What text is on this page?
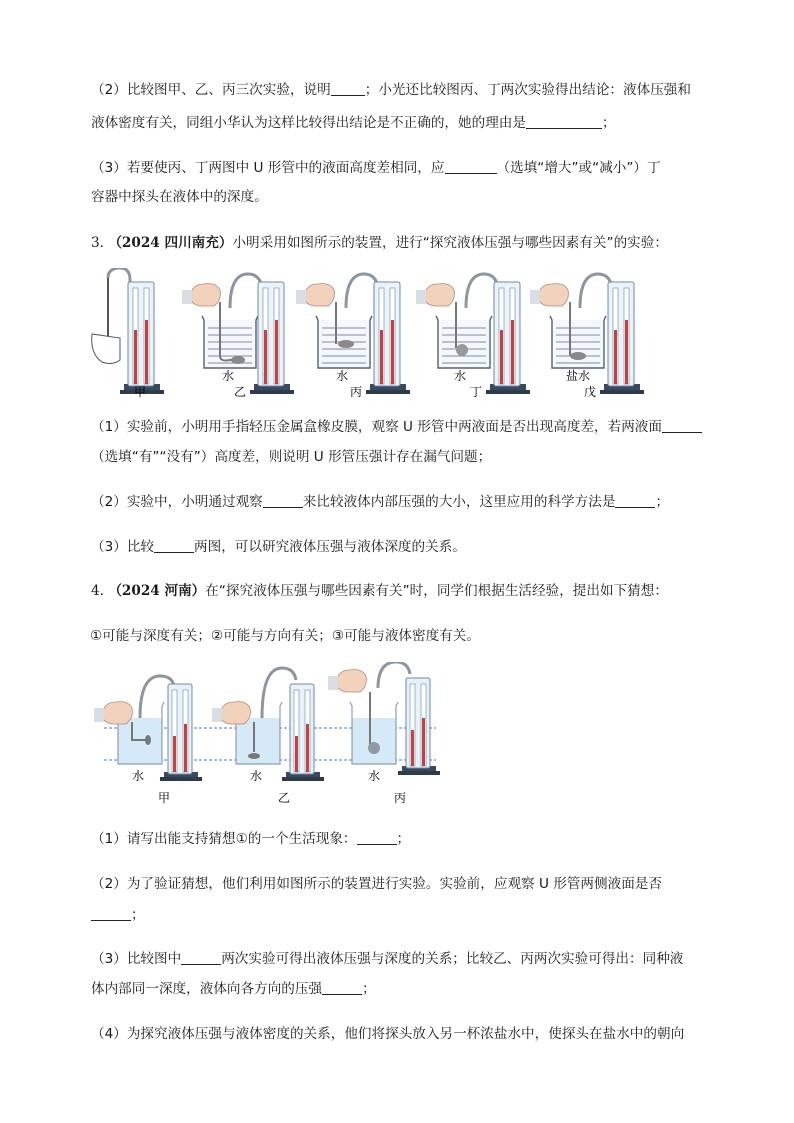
（2）比较图甲、乙、丙三次实验，说明	；小光还比较图丙、丁两次实验得出结论：液体压强和
液体密度有关，同组小华认为这样比较得出结论是不正确的，她的理由是	；
（3）若要使丙、丁两图中 U 形管中的液面高度差相同，应	（选填“增大”或“减小”）丁
容器中探头在液体中的深度。
3. （2024 四川南充）小明采用如图所示的装置，进行“探究液体压强与哪些因素有关”的实验：
水	水	水	盐水
甲	乙	丙	丁	戊
（1）实验前，小明用手指轻压金属盒橡皮膜，观察 U 形管中两液面是否出现高度差，若两液面
（选填“有”“没有”）高度差，则说明 U 形管压强计存在漏气问题；
（2）实验中，小明通过观察	来比较液体内部压强的大小，这里应用的科学方法是	；
（3）比较	两图，可以研究液体压强与液体深度的关系。
4. （2024 河南）在“探究液体压强与哪些因素有关”时，同学们根据生活经验，提出如下猜想：
①可能与深度有关；②可能与方向有关；③可能与液体密度有关。
水	水	水
甲	乙	丙
（1）请写出能支持猜想①的一个生活现象：	；
（2）为了验证猜想，他们利用如图所示的装置进行实验。实验前，应观察 U 形管两侧液面是否
；
（3）比较图中	两次实验可得出液体压强与深度的关系；比较乙、丙两次实验可得出：同种液
体内部同一深度，液体向各方向的压强	；
（4）为探究液体压强与液体密度的关系，他们将探头放入另一杯浓盐水中，使探头在盐水中的朝向
